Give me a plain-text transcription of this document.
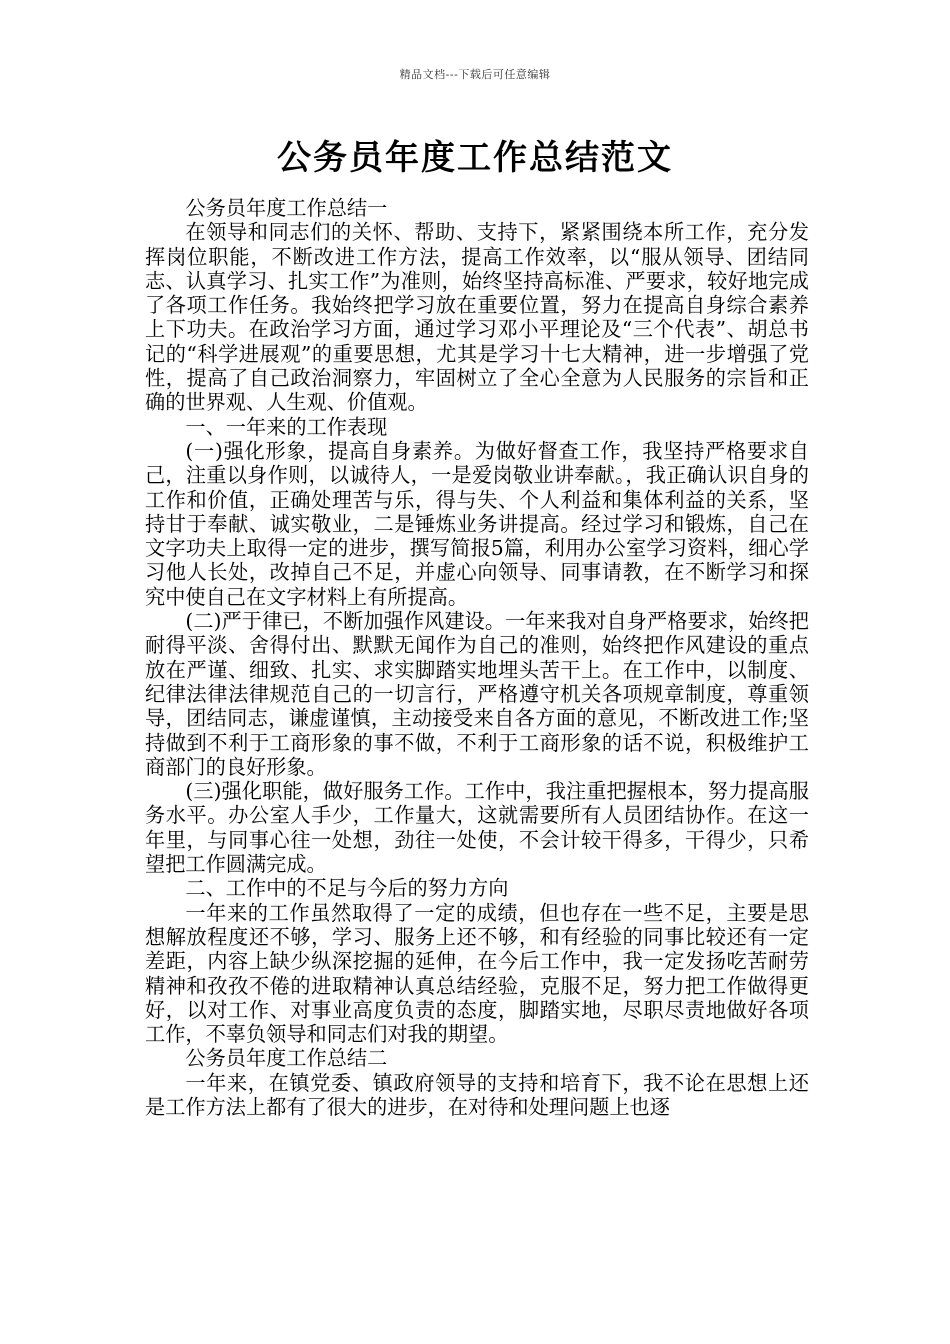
精品文档---下载后可任意编辑
公务员年度工作总结范文

公务员年度工作总结一

在领导和同志们的关怀、帮助、支持下，紧紧围绕本所工作，充分发挥岗位职能，不断改进工作方法，提高工作效率，以“服从领导、团结同志、认真学习、扎实工作”为准则，始终坚持高标准、严要求，较好地完成了各项工作任务。我始终把学习放在重要位置，努力在提高自身综合素养上下功夫。在政治学习方面，通过学习邓小平理论及“三个代表”、胡总书记的“科学进展观”的重要思想，尤其是学习十七大精神，进一步增强了党性，提高了自己政治洞察力，牢固树立了全心全意为人民服务的宗旨和正确的世界观、人生观、价值观。

一、一年来的工作表现

(一)强化形象，提高自身素养。为做好督查工作，我坚持严格要求自己，注重以身作则，以诚待人，一是爱岗敬业讲奉献。，我正确认识自身的工作和价值，正确处理苦与乐，得与失、个人利益和集体利益的关系，坚持甘于奉献、诚实敬业，二是锤炼业务讲提高。经过学习和锻炼，自己在文字功夫上取得一定的进步，撰写简报5篇，利用办公室学习资料，细心学习他人长处，改掉自己不足，并虚心向领导、同事请教，在不断学习和探究中使自己在文字材料上有所提高。

(二)严于律已，不断加强作风建设。一年来我对自身严格要求，始终把耐得平淡、舍得付出、默默无闻作为自己的准则，始终把作风建设的重点放在严谨、细致、扎实、求实脚踏实地埋头苦干上。在工作中，以制度、纪律法律法律规范自己的一切言行，严格遵守机关各项规章制度，尊重领导，团结同志，谦虚谨慎，主动接受来自各方面的意见，不断改进工作;坚持做到不利于工商形象的事不做，不利于工商形象的话不说，积极维护工商部门的良好形象。

(三)强化职能，做好服务工作。工作中，我注重把握根本，努力提高服务水平。办公室人手少，工作量大，这就需要所有人员团结协作。在这一年里，与同事心往一处想，劲往一处使，不会计较干得多，干得少，只希望把工作圆满完成。

二、工作中的不足与今后的努力方向

一年来的工作虽然取得了一定的成绩，但也存在一些不足，主要是思想解放程度还不够，学习、服务上还不够，和有经验的同事比较还有一定差距，内容上缺少纵深挖掘的延伸，在今后工作中，我一定发扬吃苦耐劳精神和孜孜不倦的进取精神认真总结经验，克服不足，努力把工作做得更好，以对工作、对事业高度负责的态度，脚踏实地，尽职尽责地做好各项工作，不辜负领导和同志们对我的期望。

公务员年度工作总结二

一年来，在镇党委、镇政府领导的支持和培育下，我不论在思想上还是工作方法上都有了很大的进步，在对待和处理问题上也逐
